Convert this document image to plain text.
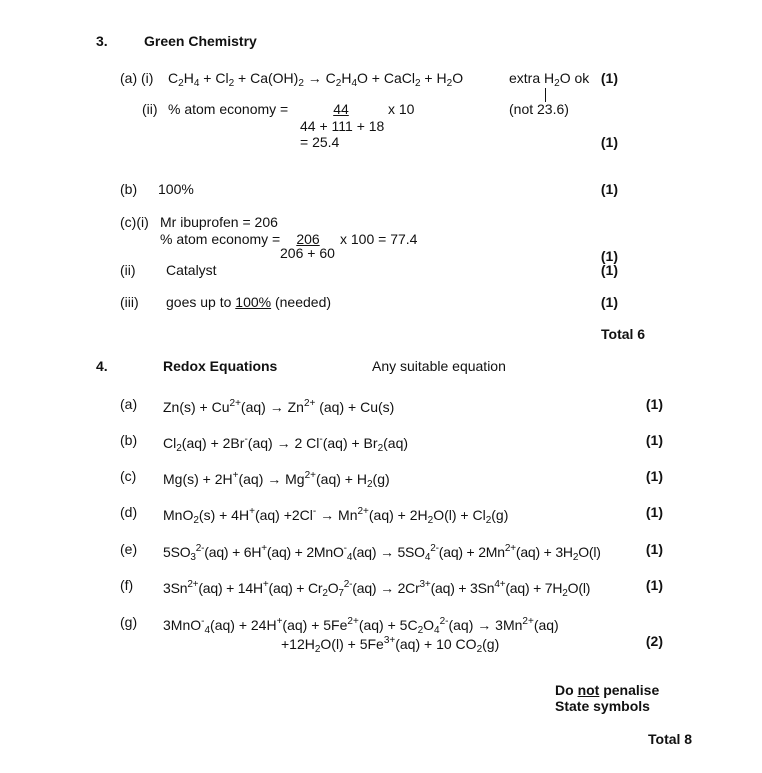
3.	Green Chemistry
(a) (i) $C_2H_4 + Cl_2 + Ca(OH)_2 \to C_2H_4O$ + CaCl$_2$ + $H_2O$	extra $H_2O$ ok (1)
(ii) % atom economy =	44	x 10
44 + 111 + 18
= 25.4
(not 23.6)
(1)
(b) 100%	(1)
(c)(i) Mr ibuprofen = 206
% atom economy =	206	x 100 = 77.4
206 + 60	(1)
(ii) Catalyst	(1)
(iii) goes up to 100% (needed)	(1)
Total 6
4.	Redox Equations	Any suitable equation
(a) $Zn(s) + Cu^{2+}(aq) \to Zn^{2+}$ (aq) + Cu(s)	(1)
(b) $Cl_2(aq) + 2Br^-(aq) \to 2$ $Cl^-(aq) + Br_2(aq)$	(1)
(c) $Mg(s) + 2H^+(aq) \to Mg^{2+}(aq) + H_2(g)$	(1)
(d) $MnO_2(s) + 4H^+(aq) +2Cl^- \to Mn^{2+}(aq) + 2H_2O(l) + Cl_2(g)$	(1)
(e) $5SO_3^{2-}(aq) + 6H^+(aq) + 2MnO^-_4(aq) \to 5SO_4^{2-}(aq) + 2Mn^{2+}(aq) + 3H_2O(l)$	(1)
(f) $3Sn^{2+}(aq) + 14H^+(aq) + Cr_2O_7^{2-}(aq) \to 2Cr^{3+}(aq) + 3Sn^{4+}(aq) + 7H_2O(l)$	(1)
(g) $3MnO^-_4(aq) + 24H^+(aq) + 5Fe^{2+}(aq) + 5C_2O_4^{2-}(aq) \to 3Mn^{2+}(aq)$
$+12H_2O(l) + 5Fe^{3+}(aq) + 10$ $CO_2(g)$	(2)
Do not penalise
State symbols
Total 8
